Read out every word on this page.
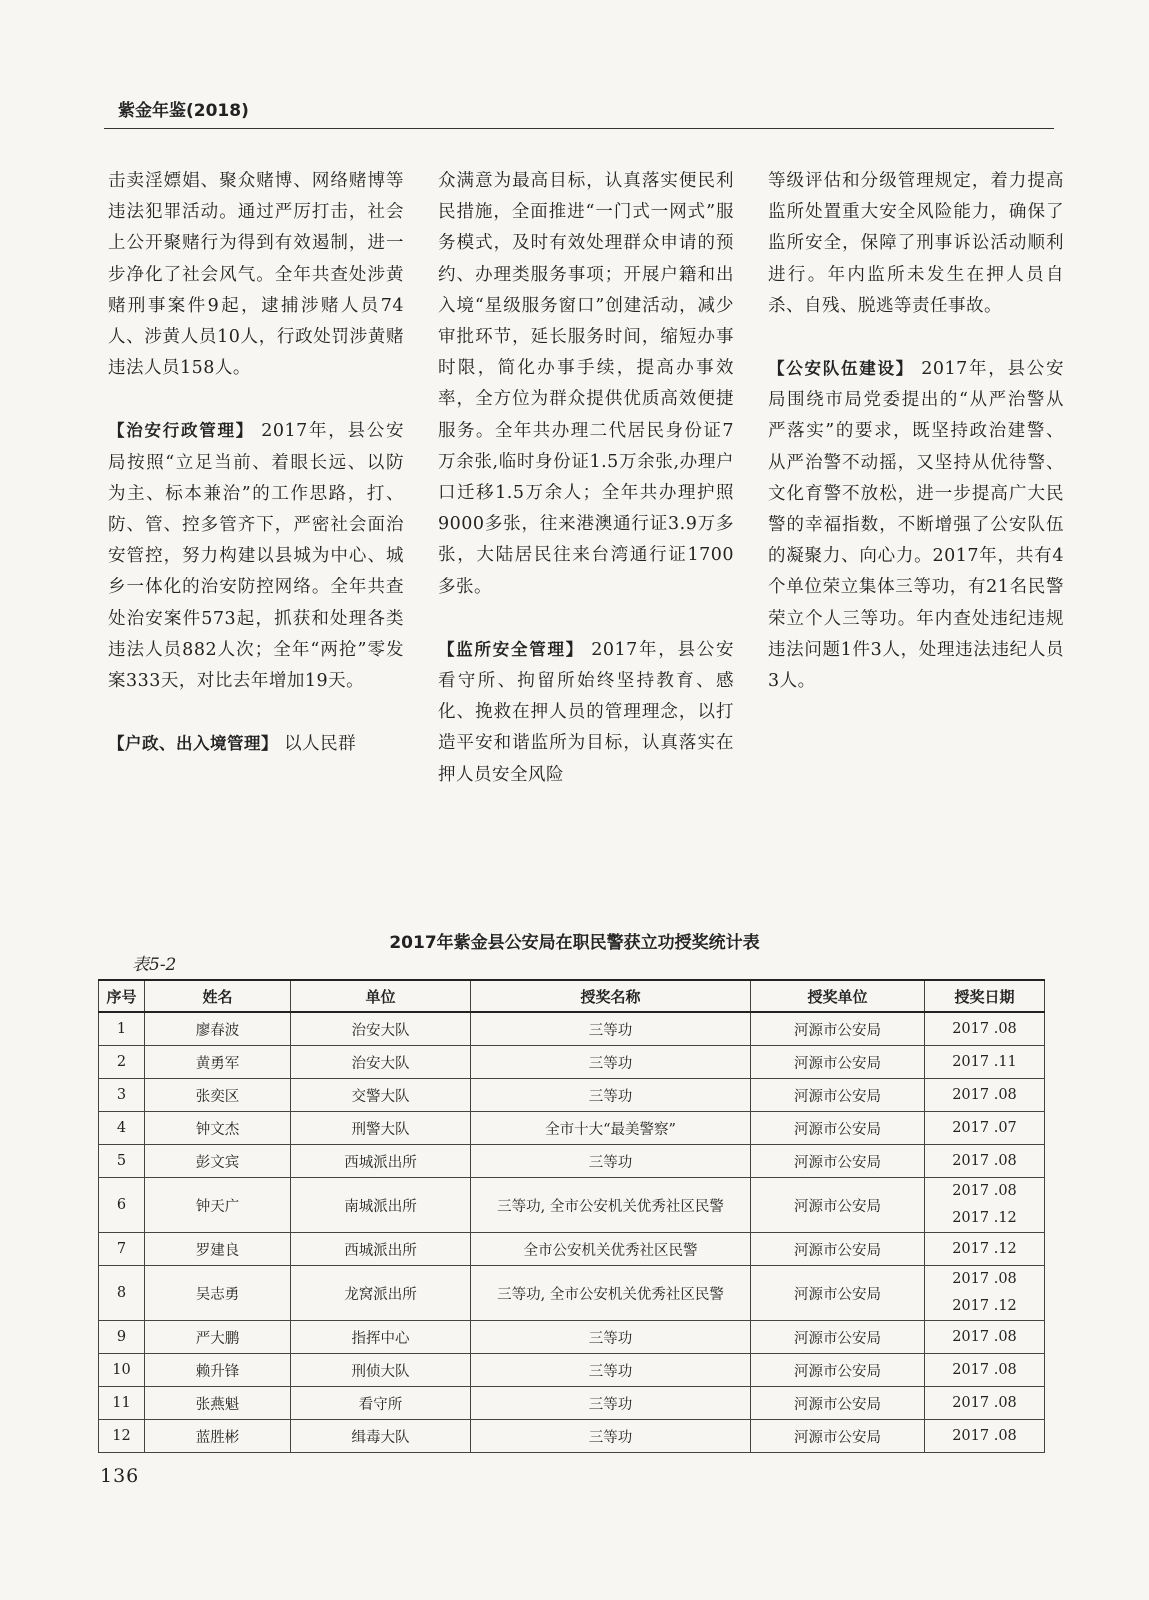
紫金年鉴(2018)

击卖淫嫖娼、聚众赌博、网络赌博等违法犯罪活动。通过严厉打击，社会上公开聚赌行为得到有效遏制，进一步净化了社会风气。全年共查处涉黄赌刑事案件9起，逮捕涉赌人员74人、涉黄人员10人，行政处罚涉黄赌违法人员158人。

【治安行政管理】 2017年，县公安局按照“立足当前、着眼长远、以防为主、标本兼治”的工作思路，打、防、管、控多管齐下，严密社会面治安管控，努力构建以县城为中心、城乡一体化的治安防控网络。全年共查处治安案件573起，抓获和处理各类违法人员882人次；全年“两抢”零发案333天，对比去年增加19天。

【户政、出入境管理】 以人民群

众满意为最高目标，认真落实便民利民措施，全面推进“一门式一网式”服务模式，及时有效处理群众申请的预约、办理类服务事项；开展户籍和出入境“星级服务窗口”创建活动，减少审批环节，延长服务时间，缩短办事时限，简化办事手续，提高办事效率，全方位为群众提供优质高效便捷服务。全年共办理二代居民身份证7万余张,临时身份证1.5万余张,办理户口迁移1.5万余人；全年共办理护照9000多张，往来港澳通行证3.9万多张，大陆居民往来台湾通行证1700多张。

【监所安全管理】 2017年，县公安看守所、拘留所始终坚持教育、感化、挽救在押人员的管理理念，以打造平安和谐监所为目标，认真落实在押人员安全风险

等级评估和分级管理规定，着力提高监所处置重大安全风险能力，确保了监所安全，保障了刑事诉讼活动顺利进行。年内监所未发生在押人员自杀、自残、脱逃等责任事故。

【公安队伍建设】 2017年，县公安局围绕市局党委提出的“从严治警从严落实”的要求，既坚持政治建警、从严治警不动摇，又坚持从优待警、文化育警不放松，进一步提高广大民警的幸福指数，不断增强了公安队伍的凝聚力、向心力。2017年，共有4个单位荣立集体三等功，有21名民警荣立个人三等功。年内查处违纪违规违法问题1件3人，处理违法违纪人员3人。

2017年紫金县公安局在职民警获立功授奖统计表
表5-2
序号	姓名	单位	授奖名称	授奖单位	授奖日期
1	廖春波	治安大队	三等功	河源市公安局	2017 .08

2	黄勇军	治安大队	三等功	河源市公安局	2017 .11

3	张奕区	交警大队	三等功	河源市公安局	2017 .08

4	钟文杰	刑警大队	全市十大“最美警察”	河源市公安局	2017 .07

5	彭文宾	西城派出所	三等功	河源市公安局	2017 .08

6	钟天广	南城派出所	三等功, 全市公安机关优秀社区民警	河源市公安局	2017 .08
2017 .12

7	罗建良	西城派出所	全市公安机关优秀社区民警	河源市公安局	2017 .12

8	吴志勇	龙窝派出所	三等功, 全市公安机关优秀社区民警	河源市公安局	2017 .08
2017 .12

9	严大鹏	指挥中心	三等功	河源市公安局	2017 .08

10	赖升锋	刑侦大队	三等功	河源市公安局	2017 .08

11	张燕魁	看守所	三等功	河源市公安局	2017 .08

12	蓝胜彬	缉毒大队	三等功	河源市公安局	2017 .08
136
